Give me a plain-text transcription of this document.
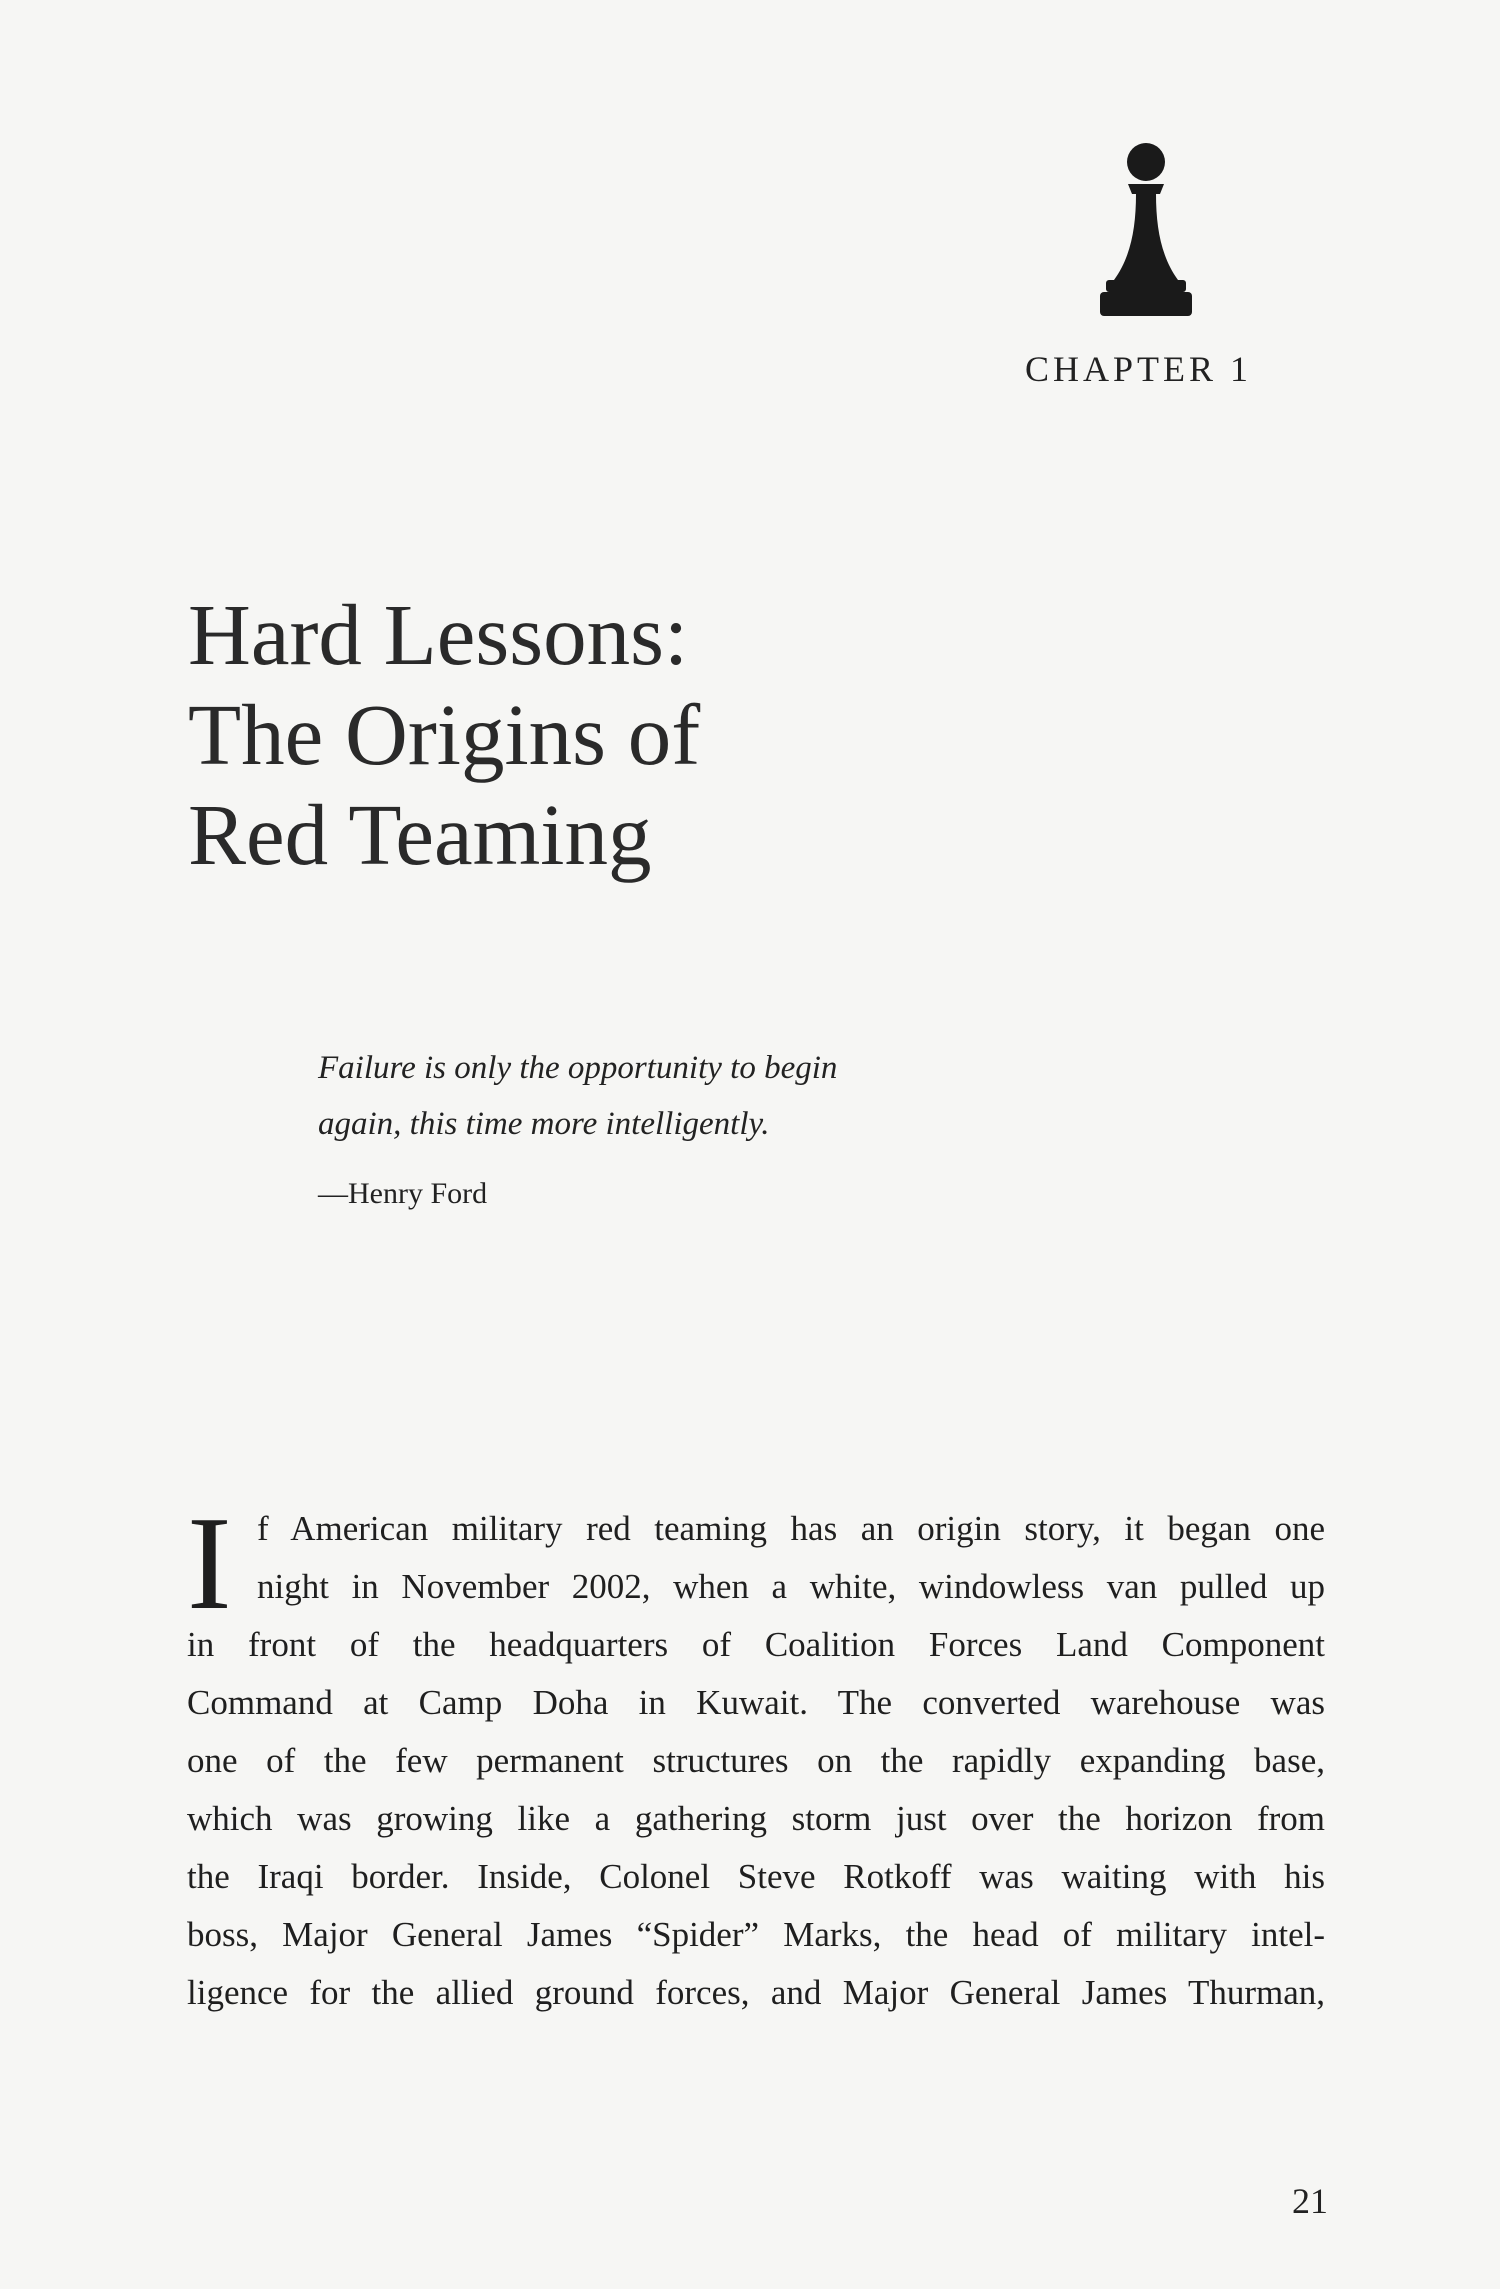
CHAPTER 1
Hard Lessons:
The Origins of
Red Teaming
Failure is only the opportunity to begin
again, this time more intelligently.
—Henry Ford
I f American military red teaming has an origin story, it began one
night in November 2002, when a white, windowless van pulled up
in front of the headquarters of Coalition Forces Land Component
Command at Camp Doha in Kuwait. The converted warehouse was
one of the few permanent structures on the rapidly expanding base,
which was growing like a gathering storm just over the horizon from
the Iraqi border. Inside, Colonel Steve Rotkoff was waiting with his
boss, Major General James “Spider” Marks, the head of military intel-
ligence for the allied ground forces, and Major General James Thurman,
21
